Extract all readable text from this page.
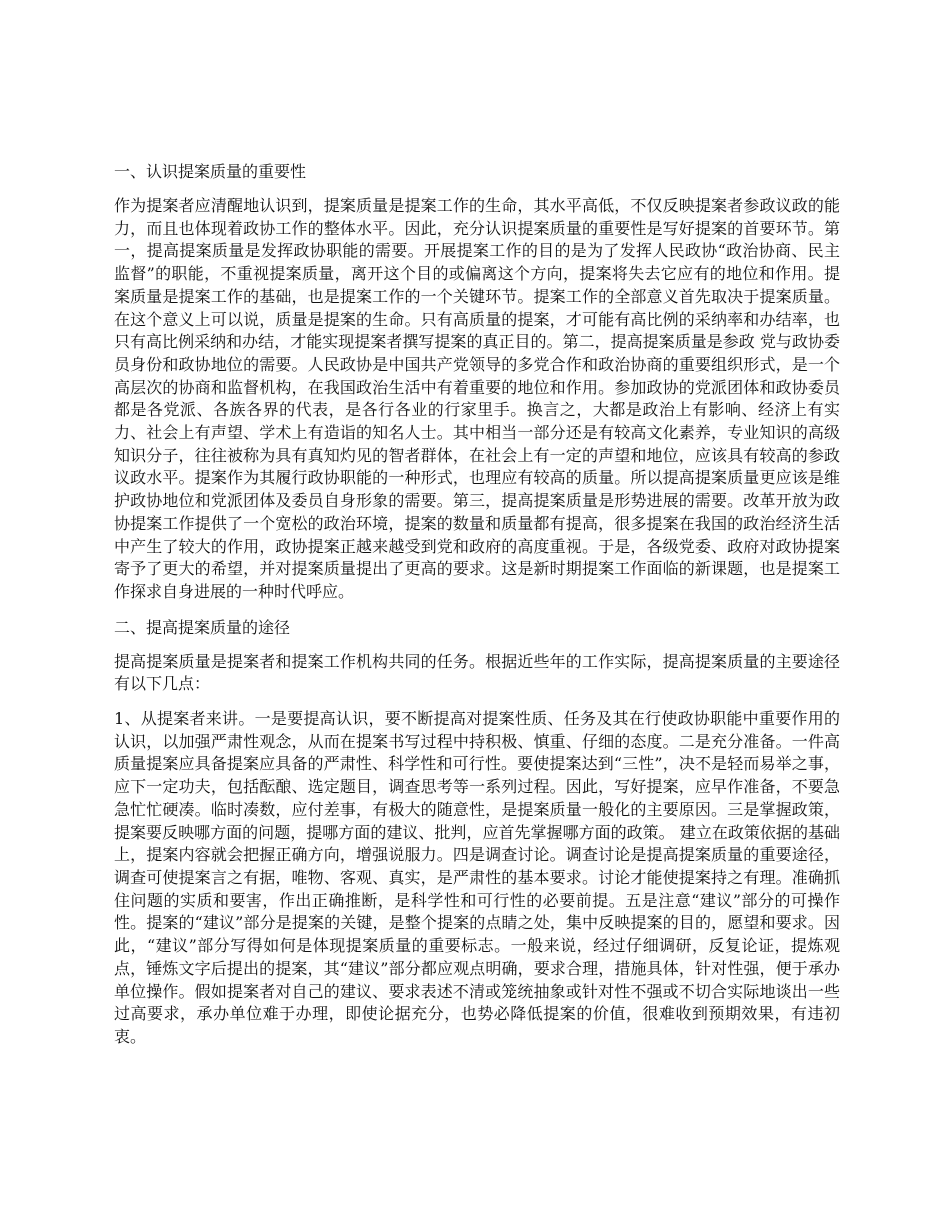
一、认识提案质量的重要性

作为提案者应清醒地认识到，提案质量是提案工作的生命，其水平高低，不仅反映提案者参政议政的能力，而且也体现着政协工作的整体水平。因此，充分认识提案质量的重要性是写好提案的首要环节。第一，提高提案质量是发挥政协职能的需要。开展提案工作的目的是为了发挥人民政协“政治协商、民主监督”的职能，不重视提案质量，离开这个目的或偏离这个方向，提案将失去它应有的地位和作用。提案质量是提案工作的基础，也是提案工作的一个关键环节。提案工作的全部意义首先取决于提案质量。在这个意义上可以说，质量是提案的生命。只有高质量的提案，才可能有高比例的采纳率和办结率，也只有高比例采纳和办结，才能实现提案者撰写提案的真正目的。第二，提高提案质量是参政 党与政协委员身份和政协地位的需要。人民政协是中国共产党领导的多党合作和政治协商的重要组织形式，是一个高层次的协商和监督机构，在我国政治生活中有着重要的地位和作用。参加政协的党派团体和政协委员都是各党派、各族各界的代表，是各行各业的行家里手。换言之，大都是政治上有影响、经济上有实力、社会上有声望、学术上有造诣的知名人士。其中相当一部分还是有较高文化素养，专业知识的高级知识分子，往往被称为具有真知灼见的智者群体，在社会上有一定的声望和地位，应该具有较高的参政议政水平。提案作为其履行政协职能的一种形式，也理应有较高的质量。所以提高提案质量更应该是维护政协地位和党派团体及委员自身形象的需要。第三，提高提案质量是形势进展的需要。改革开放为政协提案工作提供了一个宽松的政治环境，提案的数量和质量都有提高，很多提案在我国的政治经济生活中产生了较大的作用，政协提案正越来越受到党和政府的高度重视。于是，各级党委、政府对政协提案寄予了更大的希望，并对提案质量提出了更高的要求。这是新时期提案工作面临的新课题，也是提案工作探求自身进展的一种时代呼应。

二、提高提案质量的途径

提高提案质量是提案者和提案工作机构共同的任务。根据近些年的工作实际，提高提案质量的主要途径有以下几点：

1、从提案者来讲。一是要提高认识，要不断提高对提案性质、任务及其在行使政协职能中重要作用的认识，以加强严肃性观念，从而在提案书写过程中持积极、慎重、仔细的态度。二是充分准备。一件高质量提案应具备提案应具备的严肃性、科学性和可行性。要使提案达到“三性”，决不是轻而易举之事，应下一定功夫，包括酝酿、选定题目，调查思考等一系列过程。因此，写好提案，应早作准备，不要急急忙忙硬凑。临时凑数，应付差事，有极大的随意性，是提案质量一般化的主要原因。三是掌握政策，提案要反映哪方面的问题，提哪方面的建议、批判，应首先掌握哪方面的政策。 建立在政策依据的基础上，提案内容就会把握正确方向，增强说服力。四是调查讨论。调查讨论是提高提案质量的重要途径，调查可使提案言之有据，唯物、客观、真实，是严肃性的基本要求。讨论才能使提案持之有理。准确抓住问题的实质和要害，作出正确推断，是科学性和可行性的必要前提。五是注意“建议”部分的可操作性。提案的“建议”部分是提案的关键，是整个提案的点睛之处，集中反映提案的目的，愿望和要求。因此，“建议”部分写得如何是体现提案质量的重要标志。一般来说，经过仔细调研，反复论证，提炼观点，锤炼文字后提出的提案，其“建议”部分都应观点明确，要求合理，措施具体，针对性强，便于承办单位操作。假如提案者对自己的建议、要求表述不清或笼统抽象或针对性不强或不切合实际地谈出一些过高要求，承办单位难于办理，即使论据充分，也势必降低提案的价值，很难收到预期效果，有违初衷。
